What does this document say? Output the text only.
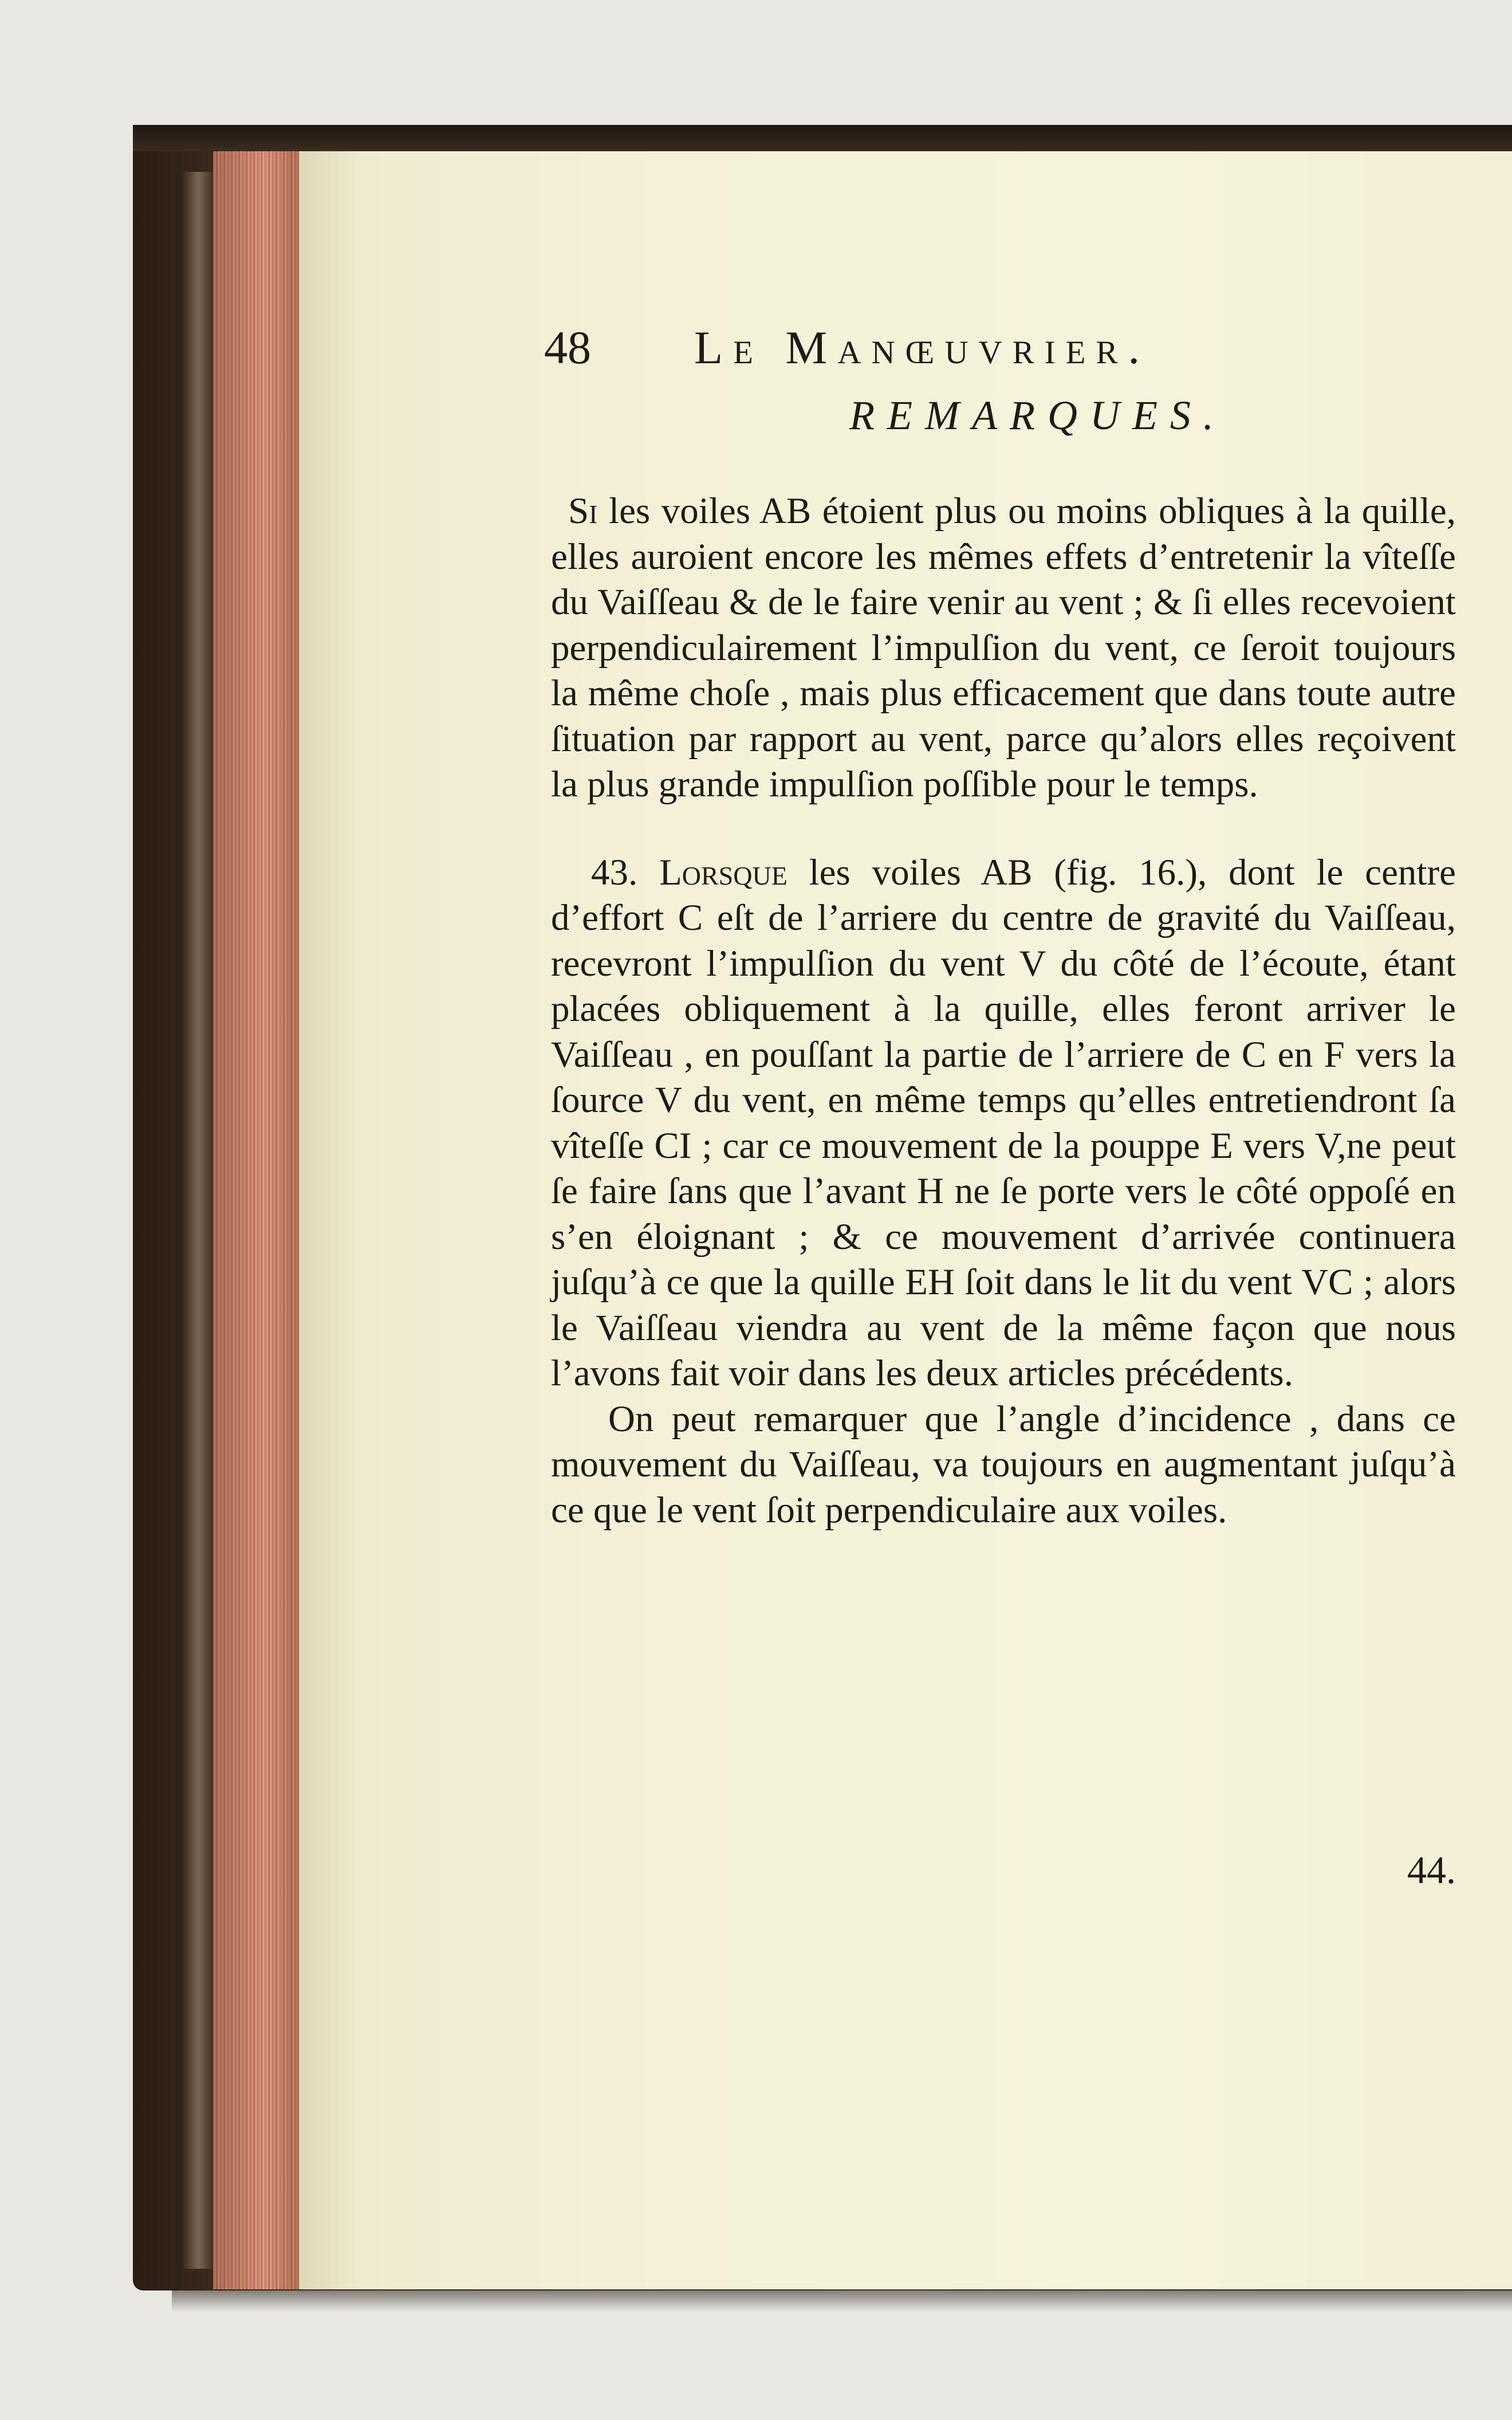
48 Le Manœuvrier.
REMARQUES.

Si les voiles AB étoient plus ou moins obliques à la quille, elles auroient encore les mêmes effets d’entretenir la vîteſſe du Vaiſſeau & de le faire venir au vent ; & ſi elles recevoient perpendiculairement l’impulſion du vent, ce ſeroit toujours la même choſe , mais plus efficacement que dans toute autre ſituation par rapport au vent, parce qu’alors elles reçoivent la plus grande impulſion poſſible pour le temps.

43. Lorsque les voiles AB (fig. 16.), dont le centre d’effort C eſt de l’arriere du centre de gravité du Vaiſſeau, recevront l’impulſion du vent V du côté de l’écoute, étant placées obliquement à la quille, elles feront arriver le Vaiſſeau , en pouſſant la partie de l’arriere de C en F vers la ſource V du vent, en même temps qu’elles entretiendront ſa vîteſſe CI ; car ce mouvement de la pouppe E vers V,ne peut ſe faire ſans que l’avant H ne ſe porte vers le côté oppoſé en s’en éloignant ; & ce mouvement d’arrivée continuera juſqu’à ce que la quille EH ſoit dans le lit du vent VC ; alors le Vaiſſeau viendra au vent de la même façon que nous l’avons fait voir dans les deux articles précédents.

On peut remarquer que l’angle d’incidence , dans ce mouvement du Vaiſſeau, va toujours en augmentant juſqu’à ce que le vent ſoit perpendiculaire aux voiles.

44.
